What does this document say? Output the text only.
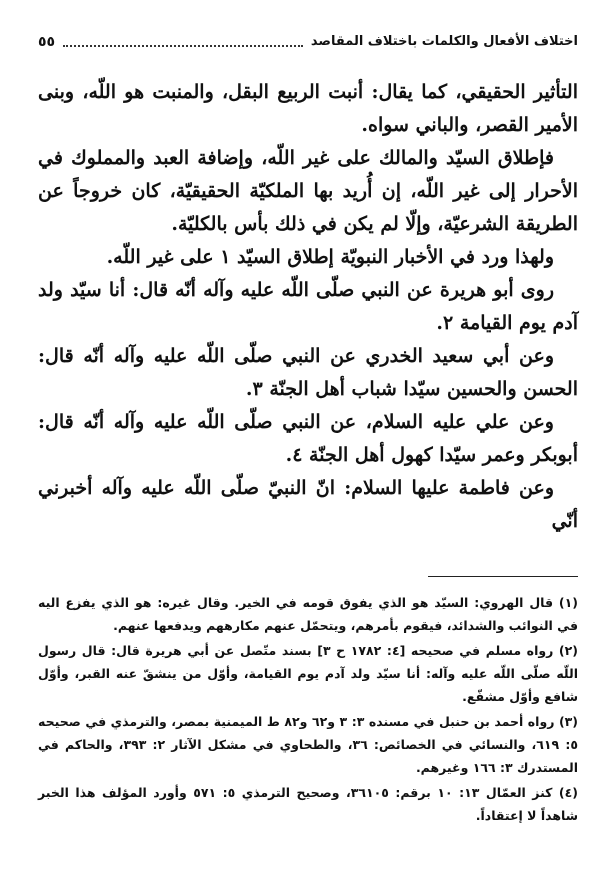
اختلاف الأفعال والكلمات باختلاف المقاصد
٥٥

التأثير الحقيقي، كما يقال: أنبت الربيع البقل، والمنبت هو اللّه، وبنى الأمير القصر، والباني سواه.

فإطلاق السيّد والمالك على غير اللّه، وإضافة العبد والمملوك في الأحرار إلى غير اللّه، إن أُريد بها الملكيّة الحقيقيّة، كان خروجاً عن الطريقة الشرعيّة، وإلّا لم يكن في ذلك بأس بالكليّة.

ولهذا ورد في الأخبار النبويّة إطلاق السيّد ١ على غير اللّه.

روى أبو هريرة عن النبي صلّى اللّه عليه وآله أنّه قال: أنا سيّد ولد آدم يوم القيامة ٢.

وعن أبي سعيد الخدري عن النبي صلّى اللّه عليه وآله أنّه قال: الحسن والحسين سيّدا شباب أهل الجنّة ٣.

وعن علي عليه السلام، عن النبي صلّى اللّه عليه وآله أنّه قال: أبوبكر وعمر سيّدا كهول أهل الجنّة ٤.

وعن فاطمة عليها السلام: انّ النبيّ صلّى اللّه عليه وآله أخبرني أنّي

(١) قال الهروي: السيّد هو الذي يفوق قومه في الخير. وقال غيره: هو الذي يفزع اليه في النوائب والشدائد، فيقوم بأمرهم، ويتحمّل عنهم مكارههم ويدفعها عنهم.

(٢) رواه مسلم في صحيحه [٤: ١٧٨٢ ح ٣] بسند متّصل عن أبي هريرة قال: قال رسول اللّه صلّى اللّه عليه وآله: أنا سيّد ولد آدم يوم القيامة، وأوّل من ينشقّ عنه القبر، وأوّل شافع وأوّل مشفّع.

(٣) رواه أحمد بن حنبل في مسنده ٣: ٣ و٦٢ و٨٢ ط الميمنية بمصر، والترمذي في صحيحه ٥: ٦١٩، والنسائي في الخصائص: ٣٦، والطحاوي في مشكل الآثار ٢: ٣٩٣، والحاكم في المستدرك ٣: ١٦٦ وغيرهم.

(٤) كنز العمّال ١٣: ١٠ برقم: ٣٦١٠٥، وصحيح الترمذي ٥: ٥٧١ وأورد المؤلف هذا الخبر شاهداً لا إعتقاداً.
